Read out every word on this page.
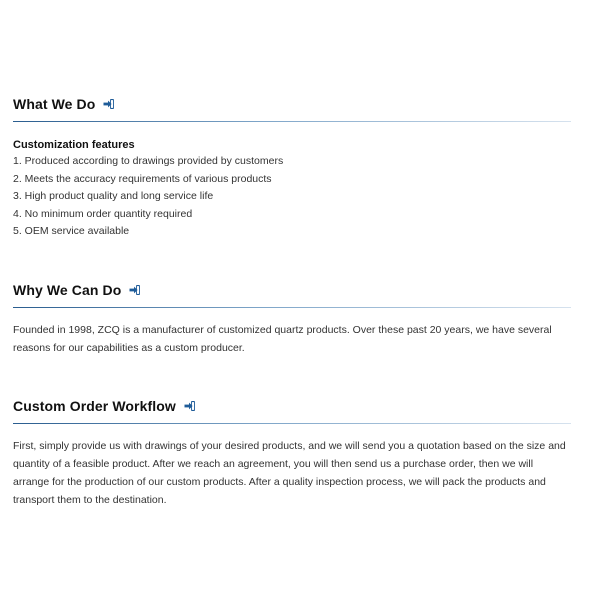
What We Do

Customization features

1. Produced according to drawings provided by customers
2. Meets the accuracy requirements of various products
3. High product quality and long service life
4. No minimum order quantity required
5. OEM service available
Why We Can Do

Founded in 1998, ZCQ is a manufacturer of customized quartz products. Over these past 20 years, we have several reasons for our capabilities as a custom producer.

Custom Order Workflow

First, simply provide us with drawings of your desired products, and we will send you a quotation based on the size and quantity of a feasible product. After we reach an agreement, you will then send us a purchase order, then we will arrange for the production of our custom products. After a quality inspection process, we will pack the products and transport them to the destination.
